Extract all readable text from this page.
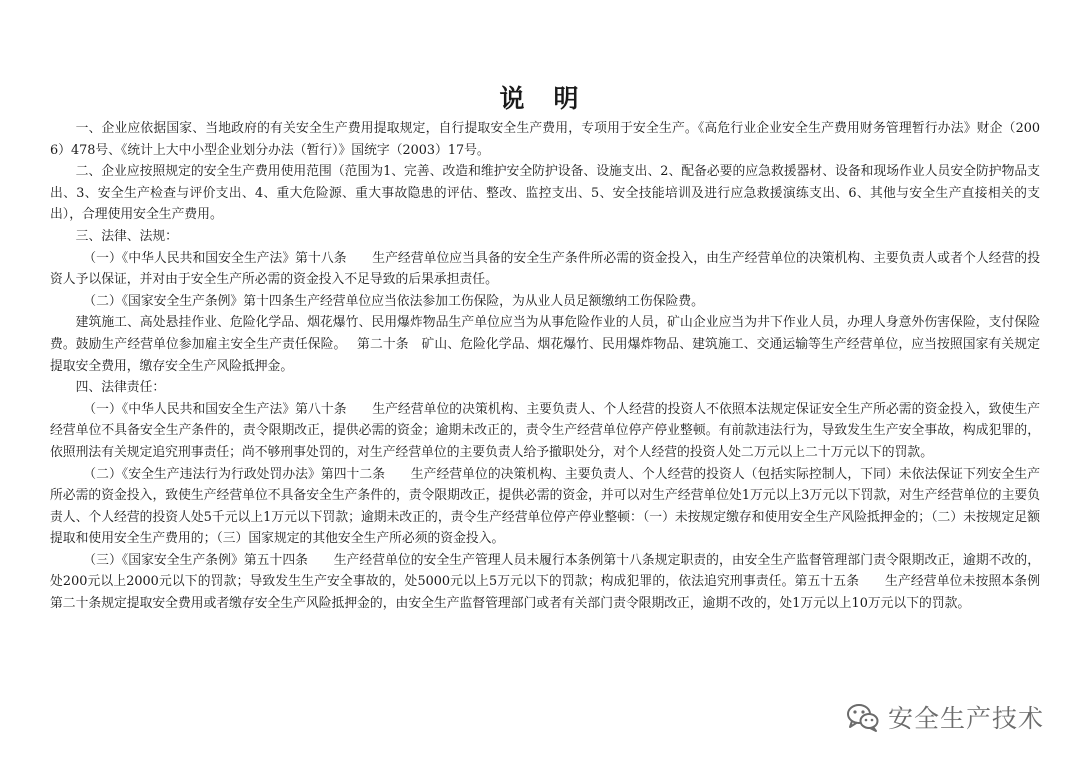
说　明

一、企业应依据国家、当地政府的有关安全生产费用提取规定，自行提取安全生产费用，专项用于安全生产。《高危行业企业安全生产费用财务管理暂行办法》财企（2006）478号、《统计上大中小型企业划分办法（暂行）》国统字（2003）17号。

二、企业应按照规定的安全生产费用使用范围（范围为1、完善、改造和维护安全防护设备、设施支出、2、配备必要的应急救援器材、设备和现场作业人员安全防护物品支出、3、安全生产检查与评价支出、4、重大危险源、重大事故隐患的评估、整改、监控支出、5、安全技能培训及进行应急救援演练支出、6、其他与安全生产直接相关的支出），合理使用安全生产费用。

三、法律、法规：

（一）《中华人民共和国安全生产法》第十八条　　生产经营单位应当具备的安全生产条件所必需的资金投入，由生产经营单位的决策机构、主要负责人或者个人经营的投资人予以保证，并对由于安全生产所必需的资金投入不足导致的后果承担责任。

（二）《国家安全生产条例》第十四条生产经营单位应当依法参加工伤保险，为从业人员足额缴纳工伤保险费。

建筑施工、高处悬挂作业、危险化学品、烟花爆竹、民用爆炸物品生产单位应当为从事危险作业的人员，矿山企业应当为井下作业人员，办理人身意外伤害保险，支付保险费。鼓励生产经营单位参加雇主安全生产责任保险。　 第二十条　矿山、危险化学品、烟花爆竹、民用爆炸物品、建筑施工、交通运输等生产经营单位，应当按照国家有关规定提取安全费用，缴存安全生产风险抵押金。

四、法律责任：

（一）《中华人民共和国安全生产法》第八十条　　生产经营单位的决策机构、主要负责人、个人经营的投资人不依照本法规定保证安全生产所必需的资金投入，致使生产经营单位不具备安全生产条件的，责令限期改正，提供必需的资金；逾期未改正的，责令生产经营单位停产停业整顿。有前款违法行为，导致发生生产安全事故，构成犯罪的，依照刑法有关规定追究刑事责任；尚不够刑事处罚的，对生产经营单位的主要负责人给予撤职处分，对个人经营的投资人处二万元以上二十万元以下的罚款。

（二）《安全生产违法行为行政处罚办法》第四十二条　　生产经营单位的决策机构、主要负责人、个人经营的投资人（包括实际控制人，下同）未依法保证下列安全生产所必需的资金投入，致使生产经营单位不具备安全生产条件的，责令限期改正，提供必需的资金，并可以对生产经营单位处1万元以上3万元以下罚款，对生产经营单位的主要负责人、个人经营的投资人处5千元以上1万元以下罚款；逾期未改正的，责令生产经营单位停产停业整顿：（一）未按规定缴存和使用安全生产风险抵押金的；（二）未按规定足额提取和使用安全生产费用的；（三）国家规定的其他安全生产所必须的资金投入。

（三）《国家安全生产条例》第五十四条　　生产经营单位的安全生产管理人员未履行本条例第十八条规定职责的，由安全生产监督管理部门责令限期改正，逾期不改的，处200元以上2000元以下的罚款；导致发生生产安全事故的，处5000元以上5万元以下的罚款；构成犯罪的，依法追究刑事责任。第五十五条　　生产经营单位未按照本条例第二十条规定提取安全费用或者缴存安全生产风险抵押金的，由安全生产监督管理部门或者有关部门责令限期改正，逾期不改的，处1万元以上10万元以下的罚款。

安全生产技术
